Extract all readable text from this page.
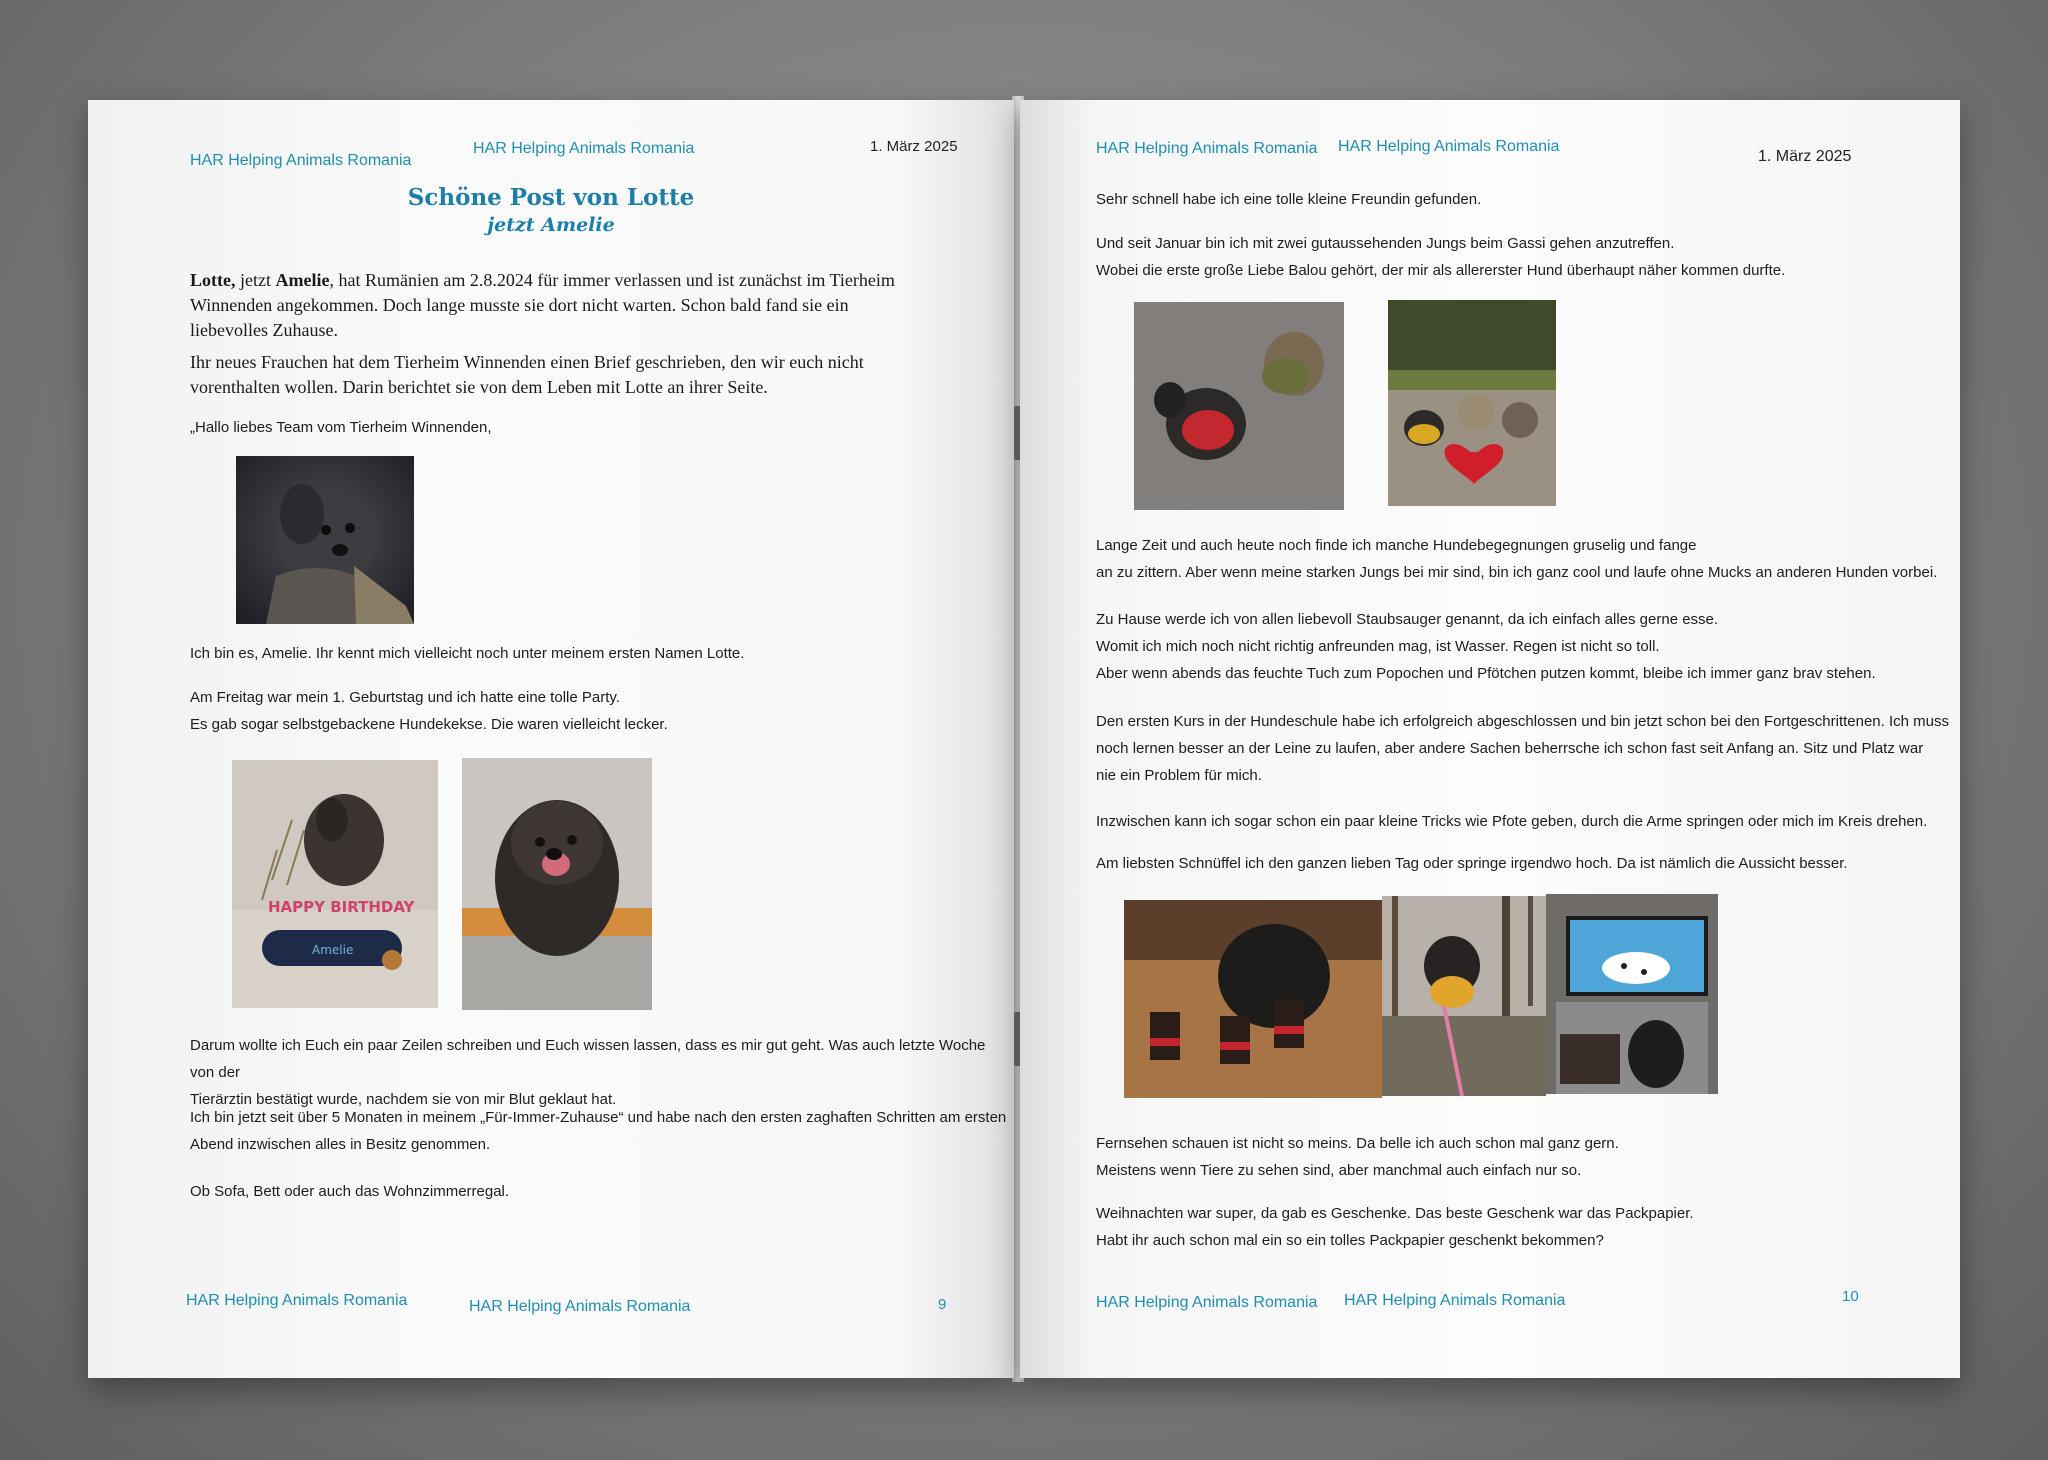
HAR Helping Animals Romania
HAR Helping Animals Romania	1. März 2025
Schöne Post von Lotte
jetzt Amelie
Lotte, jetzt Amelie, hat Rumänien am 2.8.2024 für immer verlassen und ist zunächst im Tierheim
Winnenden angekommen. Doch lange musste sie dort nicht warten. Schon bald fand sie ein
liebevolles Zuhause.
Ihr neues Frauchen hat dem Tierheim Winnenden einen Brief geschrieben, den wir euch nicht
vorenthalten wollen. Darin berichtet sie von dem Leben mit Lotte an ihrer Seite.
„Hallo liebes Team vom Tierheim Winnenden,
Ich bin es, Amelie. Ihr kennt mich vielleicht noch unter meinem ersten Namen Lotte.

Am Freitag war mein 1. Geburtstag und ich hatte eine tolle Party.

Es gab sogar selbstgebackene Hundekekse. Die waren vielleicht lecker.

HAPPY BIRTHDAY
Amelie

Darum wollte ich Euch ein paar Zeilen schreiben und Euch wissen lassen, dass es mir gut geht. Was auch letzte Woche von der

Tierärztin bestätigt wurde, nachdem sie von mir Blut geklaut hat.

Ich bin jetzt seit über 5 Monaten in meinem „Für-Immer-Zuhause“ und habe nach den ersten zaghaften Schritten am ersten

Abend inzwischen alles in Besitz genommen.

Ob Sofa, Bett oder auch das Wohnzimmerregal.
HAR Helping Animals Romania	HAR Helping Animals Romania	9
HAR Helping Animals Romania HAR Helping Animals Romania
1. März 2025
Sehr schnell habe ich eine tolle kleine Freundin gefunden.

Und seit Januar bin ich mit zwei gutaussehenden Jungs beim Gassi gehen anzutreffen.

Wobei die erste große Liebe Balou gehört, der mir als allererster Hund überhaupt näher kommen durfte.

Lange Zeit und auch heute noch finde ich manche Hundebegegnungen gruselig und fange

an zu zittern. Aber wenn meine starken Jungs bei mir sind, bin ich ganz cool und laufe ohne Mucks an anderen Hunden vorbei.

Zu Hause werde ich von allen liebevoll Staubsauger genannt, da ich einfach alles gerne esse.

Womit ich mich noch nicht richtig anfreunden mag, ist Wasser. Regen ist nicht so toll.

Aber wenn abends das feuchte Tuch zum Popochen und Pfötchen putzen kommt, bleibe ich immer ganz brav stehen.

Den ersten Kurs in der Hundeschule habe ich erfolgreich abgeschlossen und bin jetzt schon bei den Fortgeschrittenen. Ich muss

noch lernen besser an der Leine zu laufen, aber andere Sachen beherrsche ich schon fast seit Anfang an. Sitz und Platz war

nie ein Problem für mich.

Inzwischen kann ich sogar schon ein paar kleine Tricks wie Pfote geben, durch die Arme springen oder mich im Kreis drehen.
Am liebsten Schnüffel ich den ganzen lieben Tag oder springe irgendwo hoch. Da ist nämlich die Aussicht besser.

Fernsehen schauen ist nicht so meins. Da belle ich auch schon mal ganz gern.

Meistens wenn Tiere zu sehen sind, aber manchmal auch einfach nur so.

Weihnachten war super, da gab es Geschenke. Das beste Geschenk war das Packpapier.

Habt ihr auch schon mal ein so ein tolles Packpapier geschenkt bekommen?

HAR Helping Animals Romania HAR Helping Animals Romania	10
